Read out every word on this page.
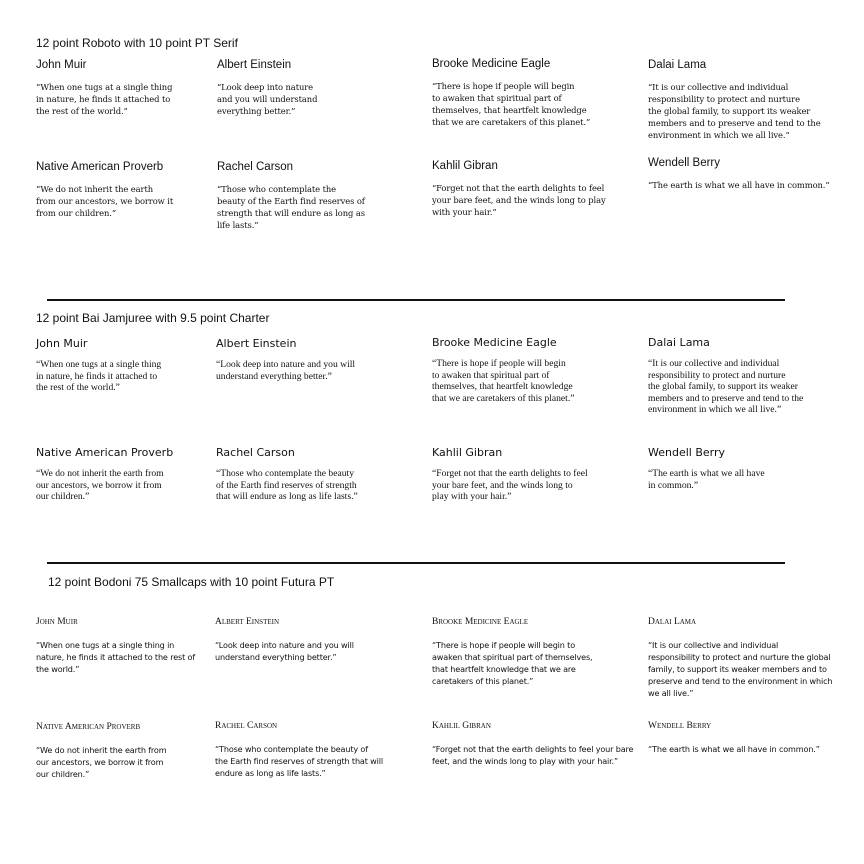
12 point Roboto with 10 point PT Serif

John Muir

“When one tugs at a single thing
in nature, he finds it attached to
the rest of the world.”

Albert Einstein

“Look deep into nature
and you will understand
everything better.”

Brooke Medicine Eagle

“There is hope if people will begin
to awaken that spiritual part of
themselves, that heartfelt knowledge
that we are caretakers of this planet.”

Dalai Lama

“It is our collective and individual
responsibility to protect and nurture
the global family, to support its weaker
members and to preserve and tend to the
environment in which we all live.”

Native American Proverb

“We do not inherit the earth
from our ancestors, we borrow it
from our children.”

Rachel Carson

“Those who contemplate the
beauty of the Earth find reserves of
strength that will endure as long as
life lasts.”

Kahlil Gibran

“Forget not that the earth delights to feel
your bare feet, and the winds long to play
with your hair.”

Wendell Berry

“The earth is what we all have in common.”

12 point Bai Jamjuree with 9.5 point Charter

John Muir

“When one tugs at a single thing
in nature, he finds it attached to
the rest of the world.”

Albert Einstein

“Look deep into nature and you will
understand everything better.”

Brooke Medicine Eagle

“There is hope if people will begin
to awaken that spiritual part of
themselves, that heartfelt knowledge
that we are caretakers of this planet.”

Dalai Lama

“It is our collective and individual
responsibility to protect and nurture
the global family, to support its weaker
members and to preserve and tend to the
environment in which we all live.”

Native American Proverb

“We do not inherit the earth from
our ancestors, we borrow it from
our children.”

Rachel Carson

“Those who contemplate the beauty
of the Earth find reserves of strength
that will endure as long as life lasts.”

Kahlil Gibran

“Forget not that the earth delights to feel
your bare feet, and the winds long to
play with your hair.”

Wendell Berry

“The earth is what we all have
in common.”

12 point Bodoni 75 Smallcaps with 10 point Futura PT

John Muir

“When one tugs at a single thing in
nature, he finds it attached to the rest of
the world.”

Albert Einstein

“Look deep into nature and you will
understand everything better.”

Brooke Medicine Eagle

“There is hope if people will begin to
awaken that spiritual part of themselves,
that heartfelt knowledge that we are
caretakers of this planet.”

Dalai Lama

“It is our collective and individual
responsibility to protect and nurture the global
family, to support its weaker members and to
preserve and tend to the environment in which
we all live.”

Native American Proverb

“We do not inherit the earth from
our ancestors, we borrow it from
our children.”

Rachel Carson

“Those who contemplate the beauty of
the Earth find reserves of strength that will
endure as long as life lasts.”

Kahlil Gibran

“Forget not that the earth delights to feel your bare
feet, and the winds long to play with your hair.”

Wendell Berry

“The earth is what we all have in common.”
